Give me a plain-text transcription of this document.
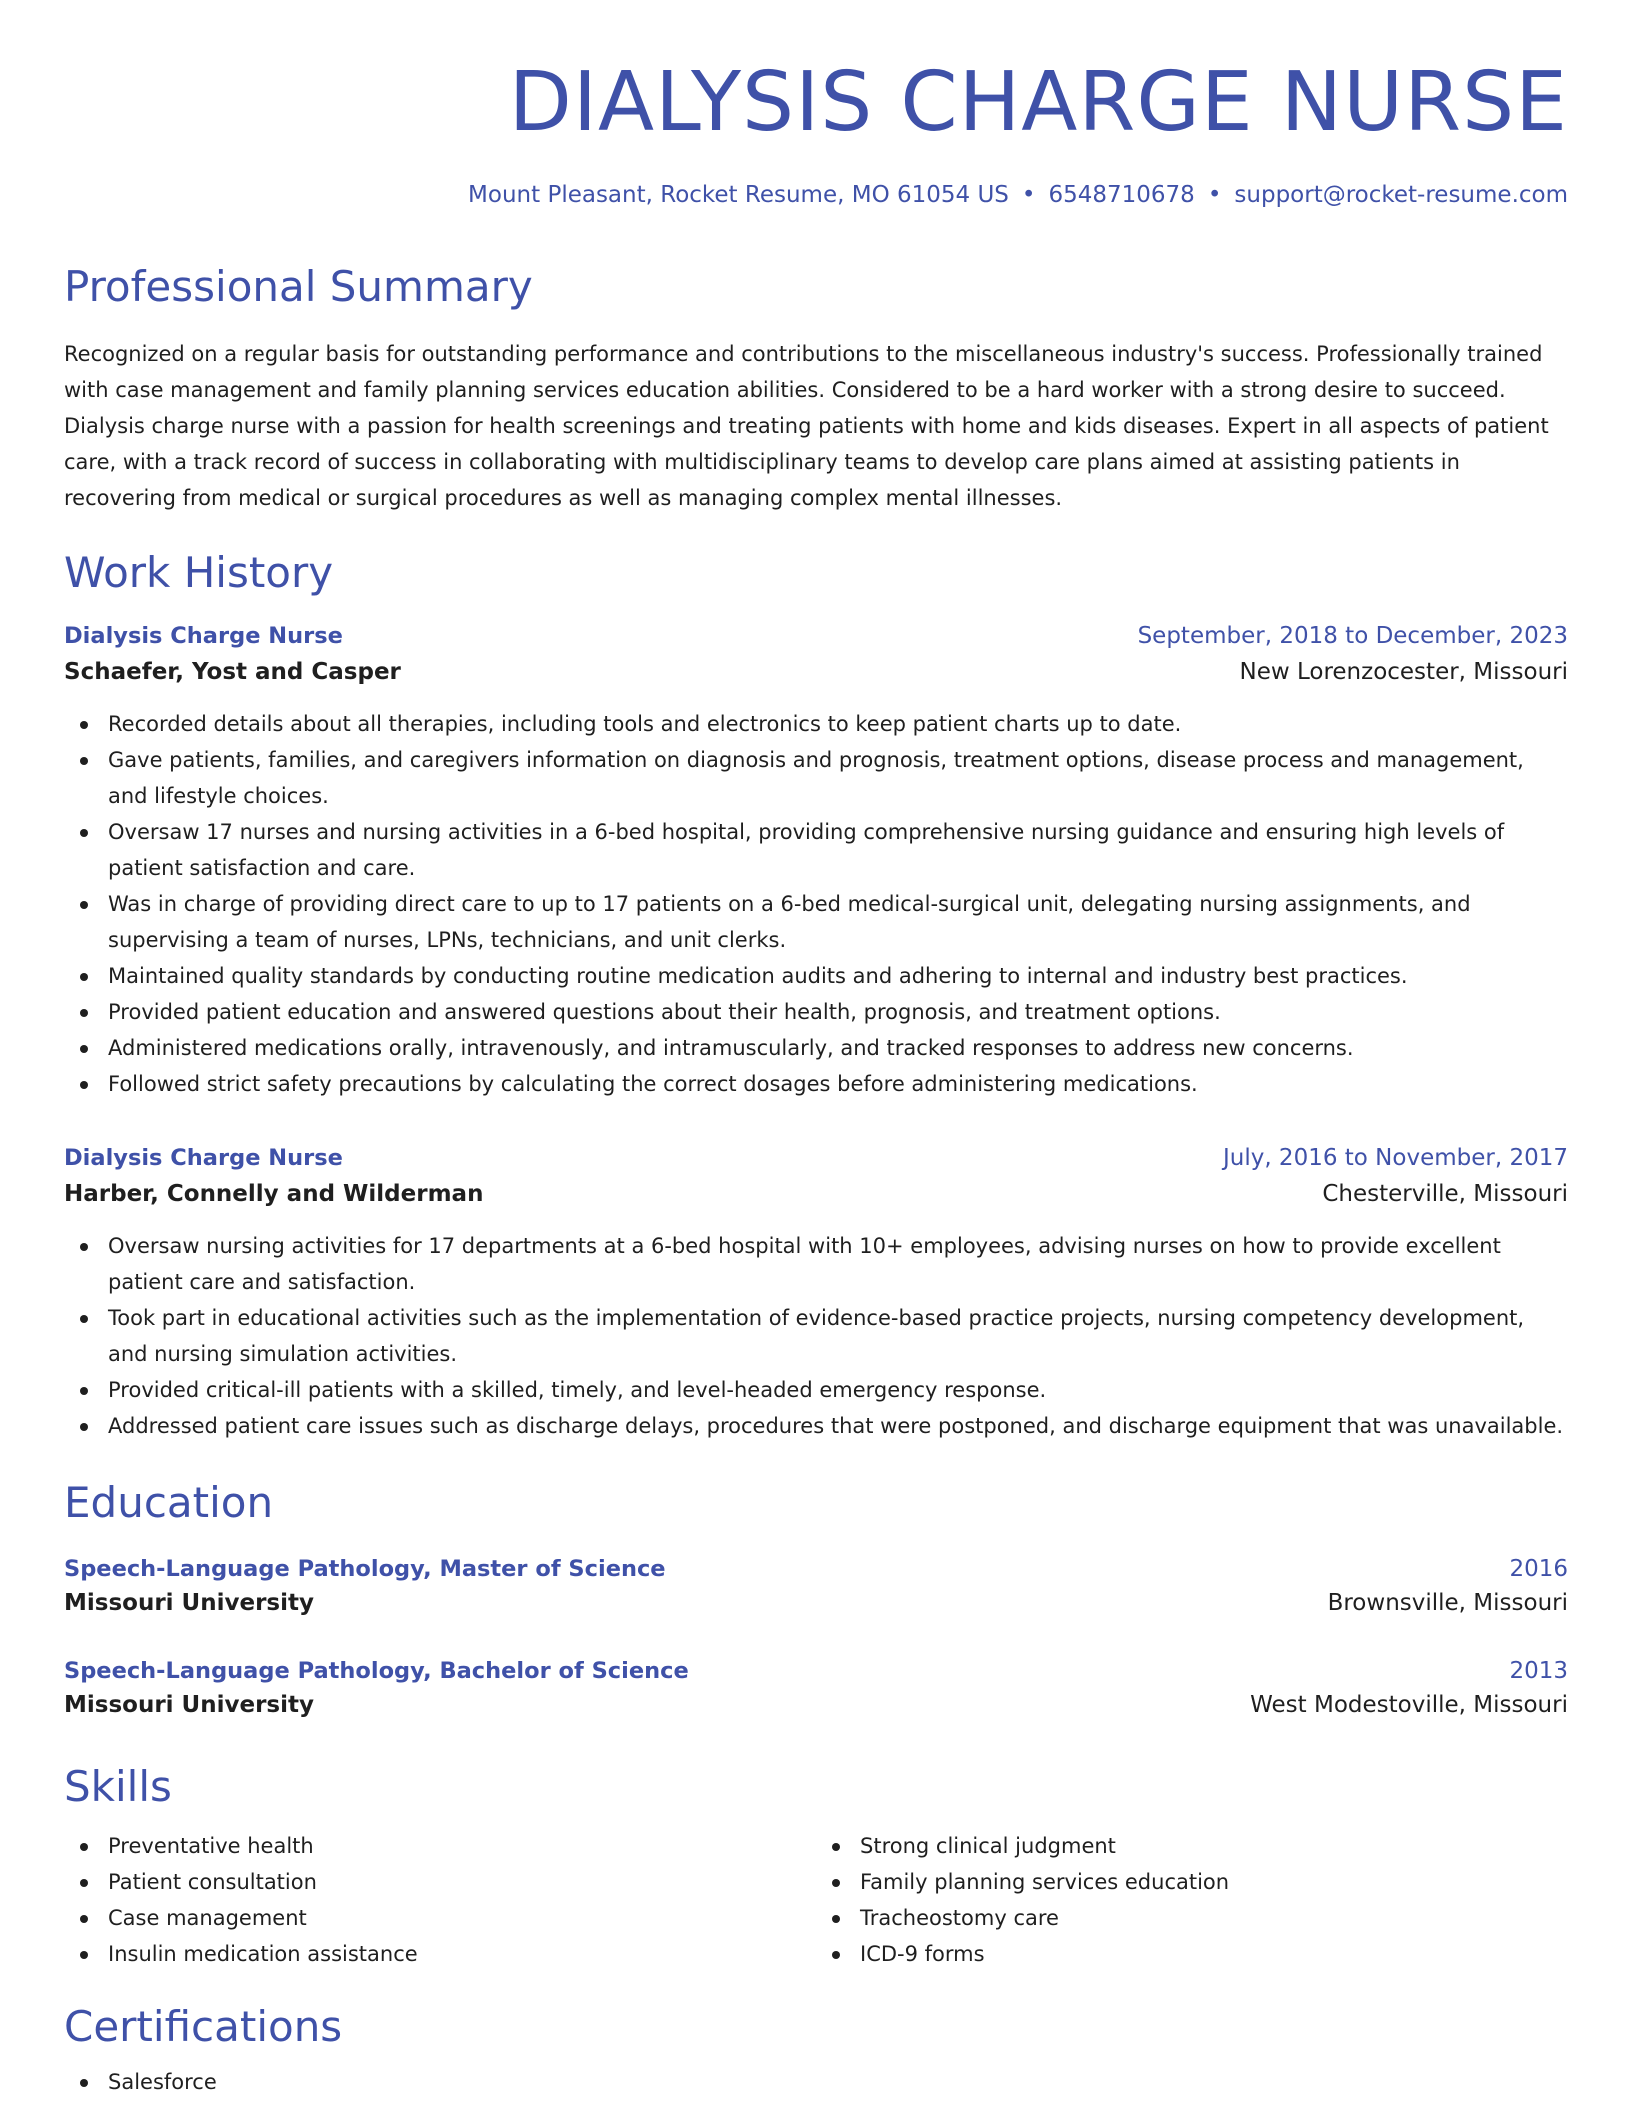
DIALYSIS CHARGE NURSE
Mount Pleasant, Rocket Resume, MO 61054 US • 6548710678 • support@rocket-resume.com
Professional Summary

Recognized on a regular basis for outstanding performance and contributions to the miscellaneous industry's success. Professionally trained with case management and family planning services education abilities. Considered to be a hard worker with a strong desire to succeed. Dialysis charge nurse with a passion for health screenings and treating patients with home and kids diseases. Expert in all aspects of patient care, with a track record of success in collaborating with multidisciplinary teams to develop care plans aimed at assisting patients in recovering from medical or surgical procedures as well as managing complex mental illnesses.

Work History
Dialysis Charge Nurse	September, 2018 to December, 2023
Schaefer, Yost and Casper	New Lorenzocester, Missouri
Recorded details about all therapies, including tools and electronics to keep patient charts up to date.
Gave patients, families, and caregivers information on diagnosis and prognosis, treatment options, disease process and management, and lifestyle choices.
Oversaw 17 nurses and nursing activities in a 6-bed hospital, providing comprehensive nursing guidance and ensuring high levels of patient satisfaction and care.
Was in charge of providing direct care to up to 17 patients on a 6-bed medical-surgical unit, delegating nursing assignments, and supervising a team of nurses, LPNs, technicians, and unit clerks.
Maintained quality standards by conducting routine medication audits and adhering to internal and industry best practices.
Provided patient education and answered questions about their health, prognosis, and treatment options.
Administered medications orally, intravenously, and intramuscularly, and tracked responses to address new concerns.
Followed strict safety precautions by calculating the correct dosages before administering medications.
Dialysis Charge Nurse	July, 2016 to November, 2017
Harber, Connelly and Wilderman	Chesterville, Missouri
Oversaw nursing activities for 17 departments at a 6-bed hospital with 10+ employees, advising nurses on how to provide excellent patient care and satisfaction.
Took part in educational activities such as the implementation of evidence-based practice projects, nursing competency development, and nursing simulation activities.
Provided critical-ill patients with a skilled, timely, and level-headed emergency response.
Addressed patient care issues such as discharge delays, procedures that were postponed, and discharge equipment that was unavailable.
Education
Speech-Language Pathology, Master of Science	2016
Missouri University	Brownsville, Missouri
Speech-Language Pathology, Bachelor of Science	2013
Missouri University	West Modestoville, Missouri
Skills
Preventative health
Patient consultation
Case management
Insulin medication assistance
Strong clinical judgment
Family planning services education
Tracheostomy care
ICD-9 forms
Certifications
Salesforce
